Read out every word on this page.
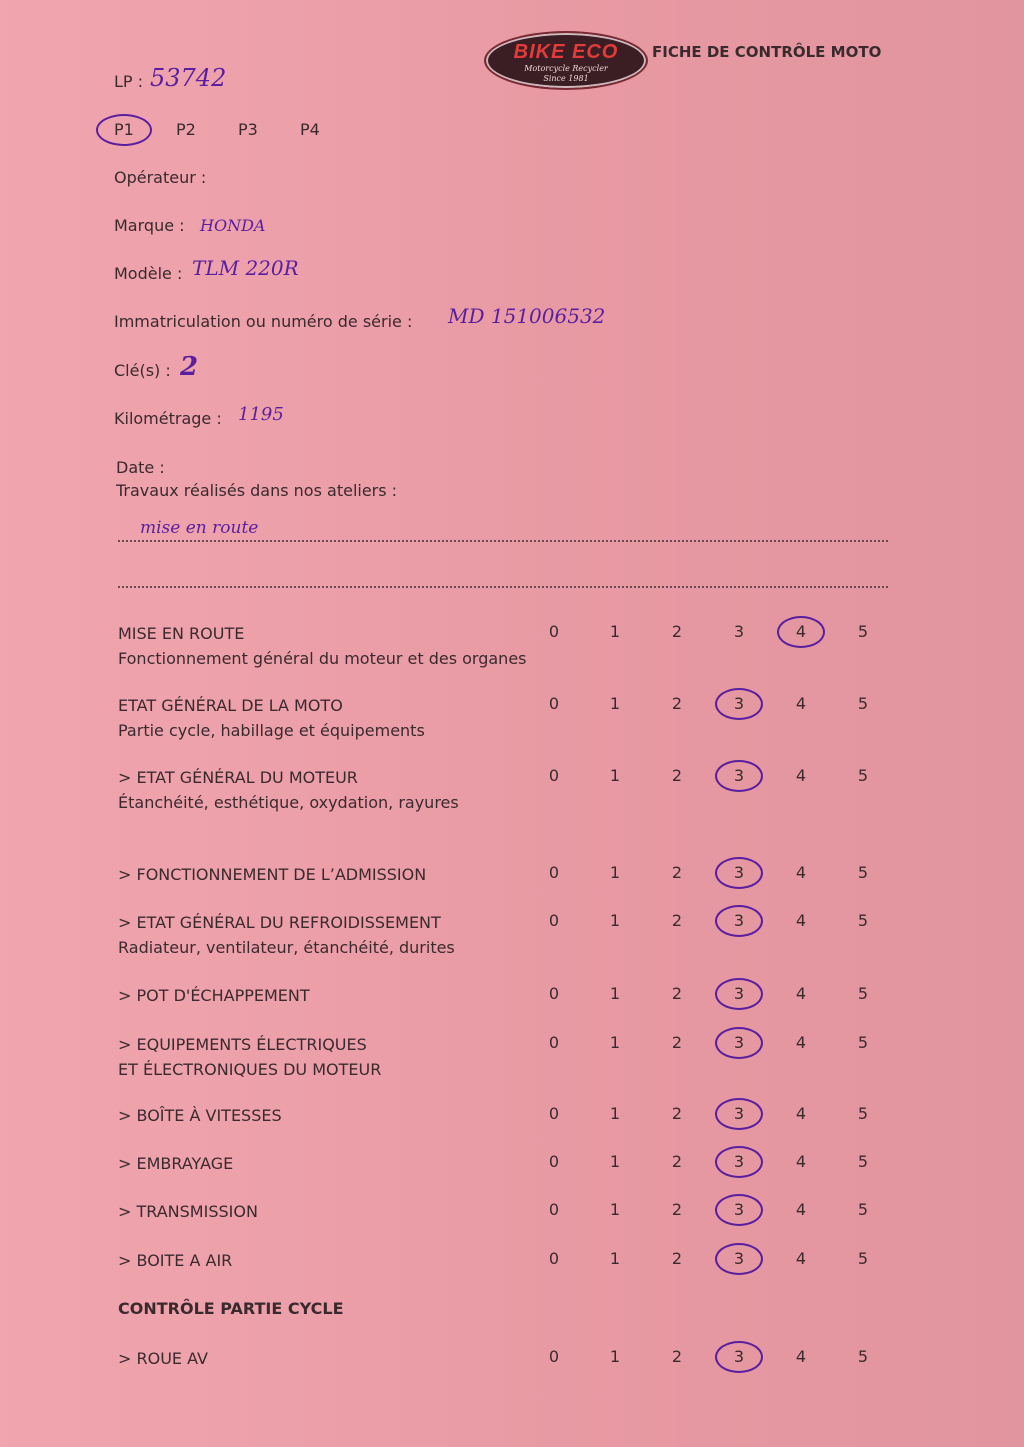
BIKE ECO
Motorcycle Recycler
Since 1981
FICHE DE CONTRÔLE MOTO
LP : 53742
P1	P2	P3	P4
Opérateur :
Marque : HONDA
Modèle : TLM 220R
Immatriculation ou numéro de série : MD 151006532
Clé(s) : 2
Kilométrage : 1195
Date :
Travaux réalisés dans nos ateliers :
mise en route
MISE EN ROUTE
Fonctionnement général du moteur et des organes
0	1	2	3	4	5
ETAT GÉNÉRAL DE LA MOTO
Partie cycle, habillage et équipements
0	1	2	3	4	5
> ETAT GÉNÉRAL DU MOTEUR
Étanchéité, esthétique, oxydation, rayures
0	1	2	3	4	5
> FONCTIONNEMENT DE L’ADMISSION	0	1	2	3	4	5
> ETAT GÉNÉRAL DU REFROIDISSEMENT
Radiateur, ventilateur, étanchéité, durites
0	1	2	3	4	5
> POT D'ÉCHAPPEMENT	0	1	2	3	4	5
> EQUIPEMENTS ÉLECTRIQUES
ET ÉLECTRONIQUES DU MOTEUR
0	1	2	3	4	5
> BOÎTE À VITESSES	0	1	2	3	4	5
> EMBRAYAGE	0	1	2	3	4	5
> TRANSMISSION	0	1	2	3	4	5
> BOITE A AIR	0	1	2	3	4	5
CONTRÔLE PARTIE CYCLE
> ROUE AV	0	1	2	3	4	5
